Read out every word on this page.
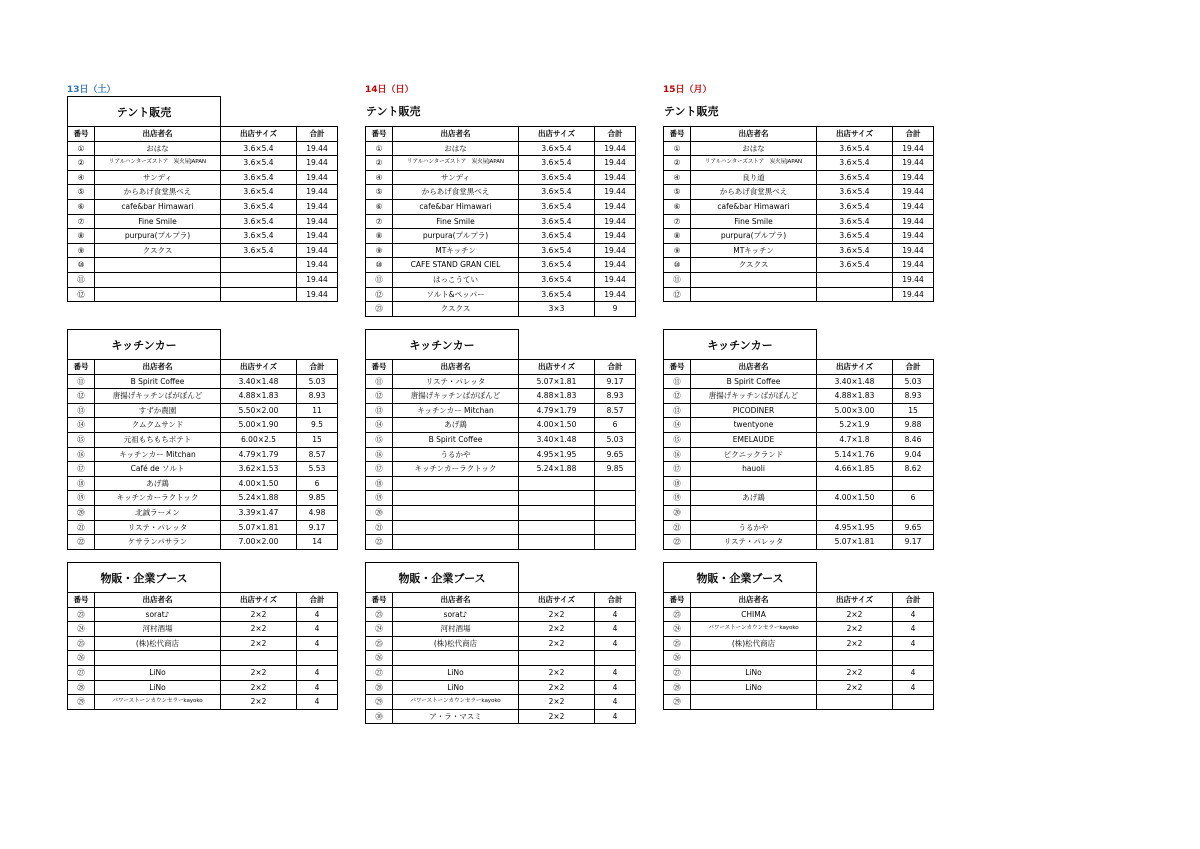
13日（土）
テント販売
番号	出店者名	出店サイズ	合計
①	おはな	3.6×5.4	19.44
②	リアルハンターズストア　炭火屋JAPAN	3.6×5.4	19.44
④	サンディ	3.6×5.4	19.44
⑤	からあげ食堂黒べえ	3.6×5.4	19.44
⑥	cafe&bar Himawari	3.6×5.4	19.44
⑦	Fine Smile	3.6×5.4	19.44
⑧	purpura(プルプラ)	3.6×5.4	19.44
⑨	クスクス	3.6×5.4	19.44
⑩			19.44
⑪			19.44
⑫			19.44
キッチンカー
番号	出店者名	出店サイズ	合計
⑪	B Spirit Coffee	3.40×1.48	5.03
⑫	唐揚げキッチンばがぼんど	4.88×1.83	8.93
⑬	すずか農園	5.50×2.00	11
⑭	クムクムサンド	5.00×1.90	9.5
⑮	元祖もちもちポテト	6.00×2.5	15
⑯	キッチンカー Mitchan	4.79×1.79	8.57
⑰	Café de ソルト	3.62×1.53	5.53
⑱	あげ鶏	4.00×1.50	6
⑲	キッチンカーラクトック	5.24×1.88	9.85
⑳	北誠ラーメン	3.39×1.47	4.98
㉑	リステ・パレッタ	5.07×1.81	9.17
㉒	ケサランパサラン	7.00×2.00	14
物販・企業ブース
番号	出店者名	出店サイズ	合計
㉓	sorat♪	2×2	4
㉔	河村酒場	2×2	4
㉕	(株)松代商店	2×2	4
㉖			
㉗	LiNo	2×2	4
㉘	LiNo	2×2	4
㉙	パワーストーンカウンセラーkayoko	2×2	4
14日（日）
テント販売
番号	出店者名	出店サイズ	合計
①	おはな	3.6×5.4	19.44
②	リアルハンターズストア　炭火屋JAPAN	3.6×5.4	19.44
④	サンディ	3.6×5.4	19.44
⑤	からあげ食堂黒べえ	3.6×5.4	19.44
⑥	cafe&bar Himawari	3.6×5.4	19.44
⑦	Fine Smile	3.6×5.4	19.44
⑧	purpura(プルプラ)	3.6×5.4	19.44
⑨	MTキッチン	3.6×5.4	19.44
⑩	CAFE STAND GRAN CIEL	3.6×5.4	19.44
⑪	はっこうてい	3.6×5.4	19.44
⑫	ソルト&ペッパー	3.6×5.4	19.44
㉓	クスクス	3×3	9
キッチンカー
番号	出店者名	出店サイズ	合計
⑪	リステ・パレッタ	5.07×1.81	9.17
⑫	唐揚げキッチンばがぼんど	4.88×1.83	8.93
⑬	キッチンカー Mitchan	4.79×1.79	8.57
⑭	あげ鶏	4.00×1.50	6
⑮	B Spirit Coffee	3.40×1.48	5.03
⑯	うるかや	4.95×1.95	9.65
⑰	キッチンカーラクトック	5.24×1.88	9.85
⑱			
⑲			
⑳			
㉑			
㉒			
物販・企業ブース
番号	出店者名	出店サイズ	合計
㉓	sorat♪	2×2	4
㉔	河村酒場	2×2	4
㉕	(株)松代商店	2×2	4
㉖			
㉗	LiNo	2×2	4
㉘	LiNo	2×2	4
㉙	パワーストーンカウンセラーkayoko	2×2	4
㉚	ア・ラ・マスミ	2×2	4
15日（月）
テント販売
番号	出店者名	出店サイズ	合計
①	おはな	3.6×5.4	19.44
②	リアルハンターズストア　炭火屋JAPAN	3.6×5.4	19.44
④	良り道	3.6×5.4	19.44
⑤	からあげ食堂黒べえ	3.6×5.4	19.44
⑥	cafe&bar Himawari	3.6×5.4	19.44
⑦	Fine Smile	3.6×5.4	19.44
⑧	purpura(プルプラ)	3.6×5.4	19.44
⑨	MTキッチン	3.6×5.4	19.44
⑩	クスクス	3.6×5.4	19.44
⑪			19.44
⑫			19.44
キッチンカー
番号	出店者名	出店サイズ	合計
⑪	B Spirit Coffee	3.40×1.48	5.03
⑫	唐揚げキッチンばがぼんど	4.88×1.83	8.93
⑬	PICODINER	5.00×3.00	15
⑭	twentyone	5.2×1.9	9.88
⑮	EMELAUDE	4.7×1.8	8.46
⑯	ピクニックランド	5.14×1.76	9.04
⑰	hauoli	4.66×1.85	8.62
⑱			
⑲	あげ鶏	4.00×1.50	6
⑳			
㉑	うるかや	4.95×1.95	9.65
㉒	リステ・パレッタ	5.07×1.81	9.17
物販・企業ブース
番号	出店者名	出店サイズ	合計
㉓	CHIMA	2×2	4
㉔	パワーストーンカウンセラーkayoko	2×2	4
㉕	(株)松代商店	2×2	4
㉖			
㉗	LiNo	2×2	4
㉘	LiNo	2×2	4
㉙			
